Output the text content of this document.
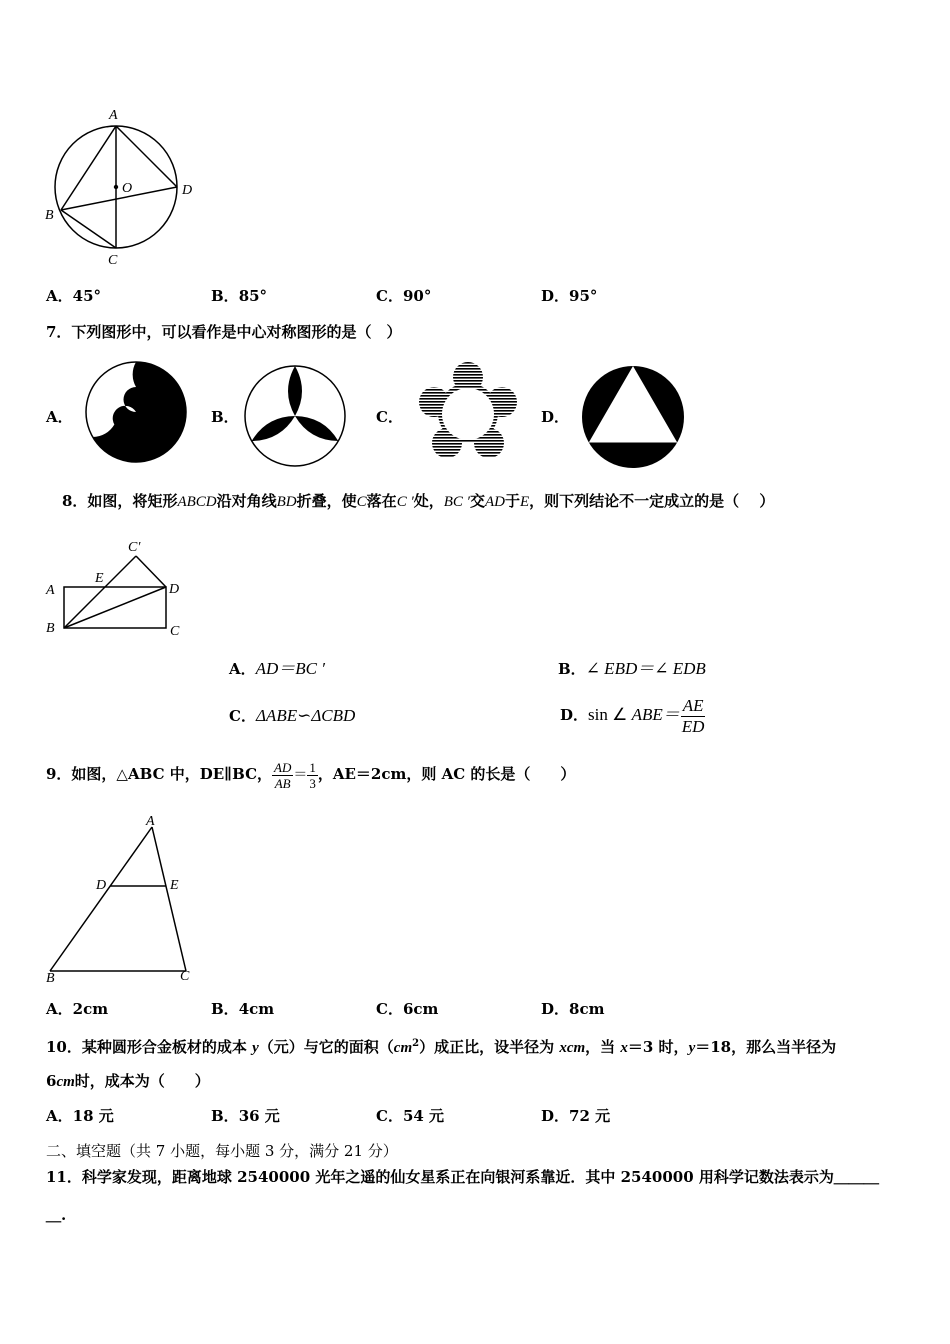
A
O	D
B
C
A．45°	B．85°	C．90°	D．95°
7．下列图形中，可以看作是中心对称图形的是（　）
A．	B．	C．	D．
8．如图，将矩形ABCD沿对角线BD折叠，使C落在C ′处，BC ′交AD于E，则下列结论不一定成立的是（　 ）
C′
A
E
D
B	C
A．AD＝BC ′	B．∠ EBD＝∠ EDB
C．ΔABE∽ΔCBD	D．sin ∠ $ABE= \frac{AE}{ED}$
9．如图，△ABC 中，DE∥BC， $\frac{AD}{AB} = \frac{1}{3}$ ，AE＝2cm，则 AC 的长是（　　）
A
D	E
B	C
A．2cm	B．4cm	C．6cm	D．8cm
10．某种圆形合金板材的成本 y（元）与它的面积$(cm^2)$成正比，设半径为 xcm，当 x＝3 时，y＝18，那么当半径为
6cm时，成本为（　　）
A．18 元	B．36 元	C．54 元	D．72 元
二、填空题（共 7 小题，每小题 3 分，满分 21 分）
11．科学家发现，距离地球 2540000 光年之遥的仙女星系正在向银河系靠近．其中 2540000 用科学记数法表示为＿＿＿
＿.
